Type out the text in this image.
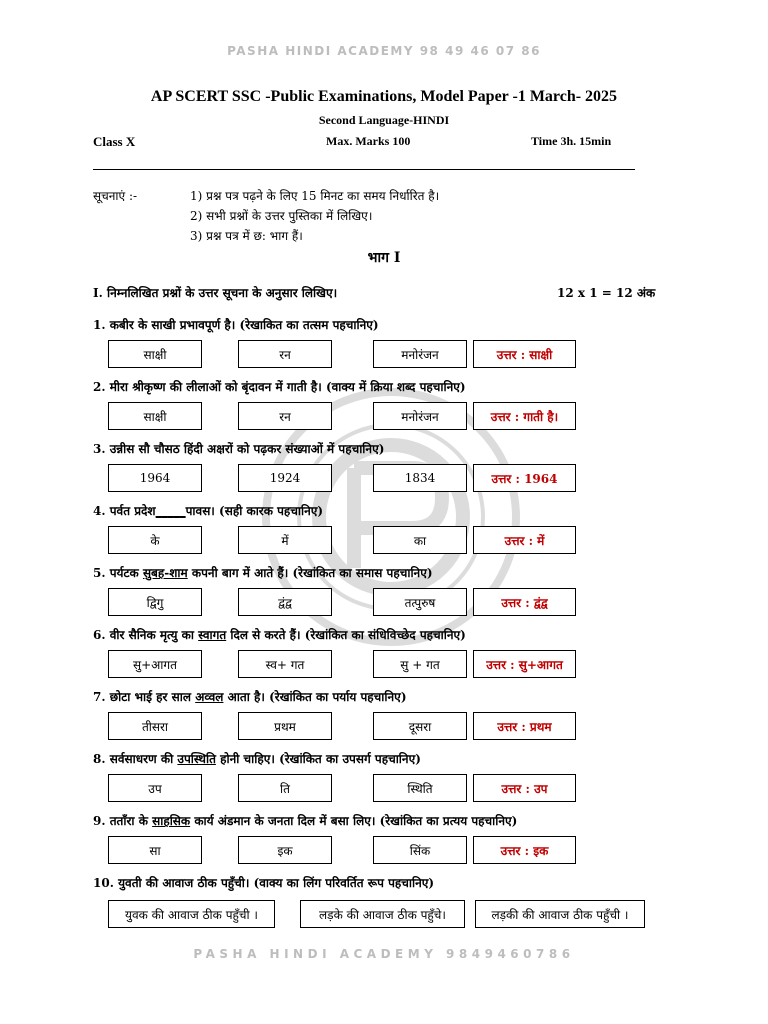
PASHA HINDI ACADEMY 98 49 46 07 86
AP SCERT SSC -Public Examinations, Model Paper -1 March- 2025
Second Language-HINDI
Class X	Max. Marks 100	Time 3h. 15min
सूचनाएं :-	1) प्रश्न पत्र पढ़ने के लिए 15 मिनट का समय निर्धारित है।
2) सभी प्रश्नों के उत्तर पुस्तिका में लिखिए।
3) प्रश्न पत्र में छ: भाग हैं।
भाग I
I. निम्नलिखित प्रश्नों के उत्तर सूचना के अनुसार लिखिए।	12 x 1 = 12 अंक
1. कबीर के साखी प्रभावपूर्ण है। (रेखाकित का तत्सम पहचानिए)
साक्षी	रन	मनोरंजन	उत्तर : साक्षी
2. मीरा श्रीकृष्ण की लीलाओं को बृंदावन में गाती है। (वाक्य में क्रिया शब्द पहचानिए)
साक्षी	रन	मनोरंजन	उत्तर : गाती है।
3. उन्नीस सौ चौसठ हिंदी अक्षरों को पढ़कर संख्याओं में पहचानिए)
1964	1924	1834	उत्तर : 1964
4. पर्वत प्रदेश_____पावस। (सही कारक पहचानिए)
के	में	का	उत्तर : में
5. पर्यटक सुबह-शाम कपनी बाग में आते हैं। (रेखांकित का समास पहचानिए)
द्विगु	द्वंद्व	तत्पुरुष	उत्तर : द्वंद्व
6. वीर सैनिक मृत्यु का स्वागत दिल से करते हैं। (रेखांकित का संधिविच्छेद पहचानिए)
सु+आगत	स्व+ गत	सु + गत	उत्तर : सु+आगत
7. छोटा भाई हर साल अव्वल आता है। (रेखांकित का पर्याय पहचानिए)
तीसरा	प्रथम	दूसरा	उत्तर : प्रथम
8. सर्वसाधरण की उपस्थिति होनी चाहिए। (रेखांकित का उपसर्ग पहचानिए)
उप	ति	स्थिति	उत्तर : उप
9. तताँरा के साहसिक कार्य अंडमान के जनता दिल में बसा लिए। (रेखांकित का प्रत्यय पहचानिए)
सा	इक	सिंक	उत्तर : इक
10. युवती की आवाज ठीक पहुँची। (वाक्य का लिंग परिवर्तित रूप पहचानिए)
युवक की आवाज ठीक पहुँची ।	लड़के की आवाज ठीक पहुँचे।	लड़की की आवाज ठीक पहुँची ।
PASHA HINDI ACADEMY 9849460786
